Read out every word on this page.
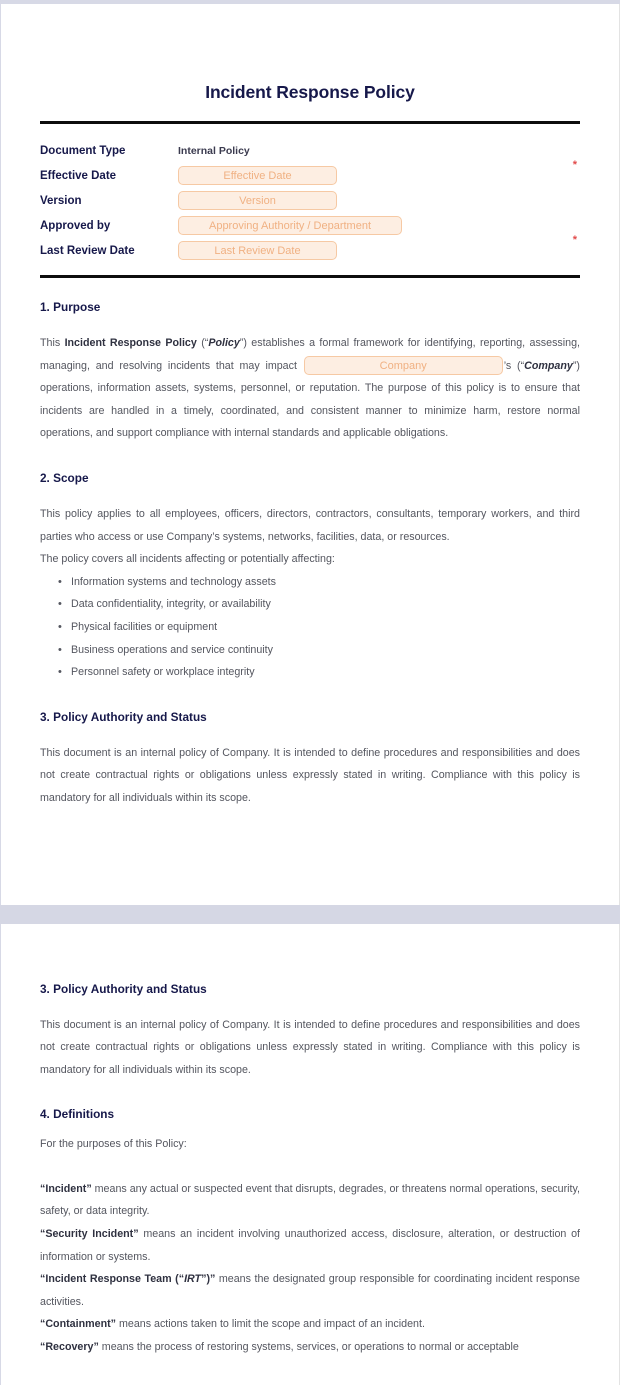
Incident Response Policy
Document Type	Internal Policy
Effective Date	Effective Date
*

Version	Version
Approved by	Approving Authority / Department
Last Review Date	Last Review Date
*
1. Purpose

This Incident Response Policy (“Policy”) establishes a formal framework for identifying, reporting, assessing, managing, and resolving incidents that may impact	Company	’s (“Company”) operations, information assets, systems, personnel, or reputation. The purpose of this policy is to ensure that incidents are handled in a timely, coordinated, and consistent manner to minimize harm, restore normal operations, and support compliance with internal standards and applicable obligations.

2. Scope

This policy applies to all employees, officers, directors, contractors, consultants, temporary workers, and third parties who access or use Company’s systems, networks, facilities, data, or resources.

The policy covers all incidents affecting or potentially affecting:

• Information systems and technology assets
• Data confidentiality, integrity, or availability
• Physical facilities or equipment
• Business operations and service continuity
• Personnel safety or workplace integrity
3. Policy Authority and Status

This document is an internal policy of Company. It is intended to define procedures and responsibilities and does not create contractual rights or obligations unless expressly stated in writing. Compliance with this policy is mandatory for all individuals within its scope.

3. Policy Authority and Status

This document is an internal policy of Company. It is intended to define procedures and responsibilities and does not create contractual rights or obligations unless expressly stated in writing. Compliance with this policy is mandatory for all individuals within its scope.

4. Definitions

For the purposes of this Policy:

“Incident” means any actual or suspected event that disrupts, degrades, or threatens normal operations, security, safety, or data integrity.

“Security Incident” means an incident involving unauthorized access, disclosure, alteration, or destruction of information or systems.

“Incident Response Team (“IRT”)” means the designated group responsible for coordinating incident response activities.

“Containment” means actions taken to limit the scope and impact of an incident.

“Recovery” means the process of restoring systems, services, or operations to normal or acceptable
